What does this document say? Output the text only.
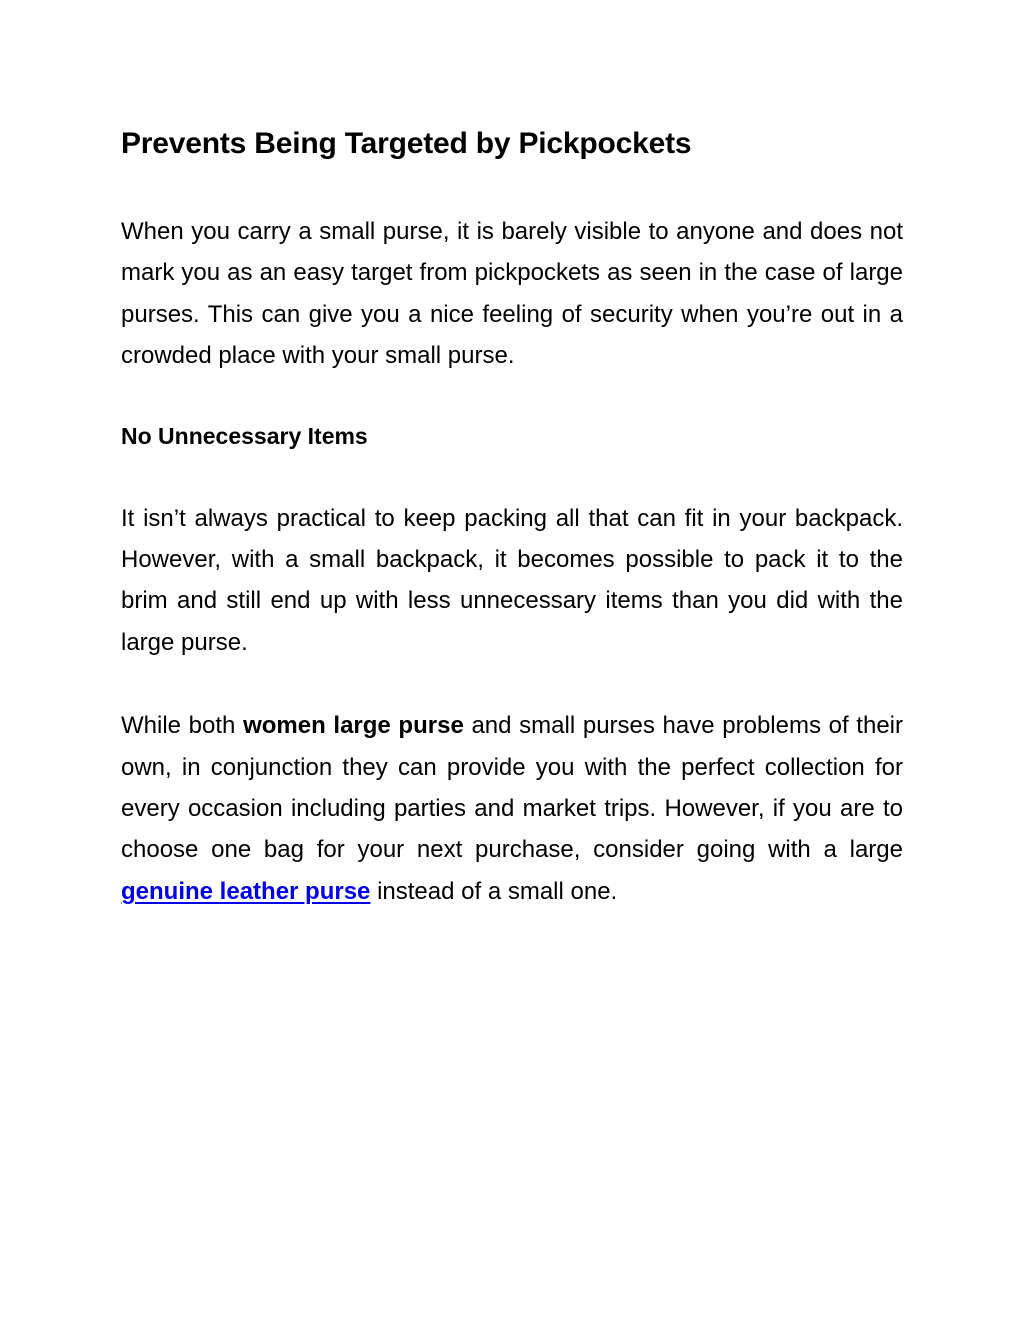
Prevents Being Targeted by Pickpockets

When you carry a small purse, it is barely visible to anyone and does not mark you as an easy target from pickpockets as seen in the case of large purses. This can give you a nice feeling of security when you’re out in a crowded place with your small purse.

No Unnecessary Items

It isn’t always practical to keep packing all that can fit in your backpack. However, with a small backpack, it becomes possible to pack it to the brim and still end up with less unnecessary items than you did with the large purse.

While both women large purse and small purses have problems of their own, in conjunction they can provide you with the perfect collection for every occasion including parties and market trips. However, if you are to choose one bag for your next purchase, consider going with a large genuine leather purse instead of a small one.
